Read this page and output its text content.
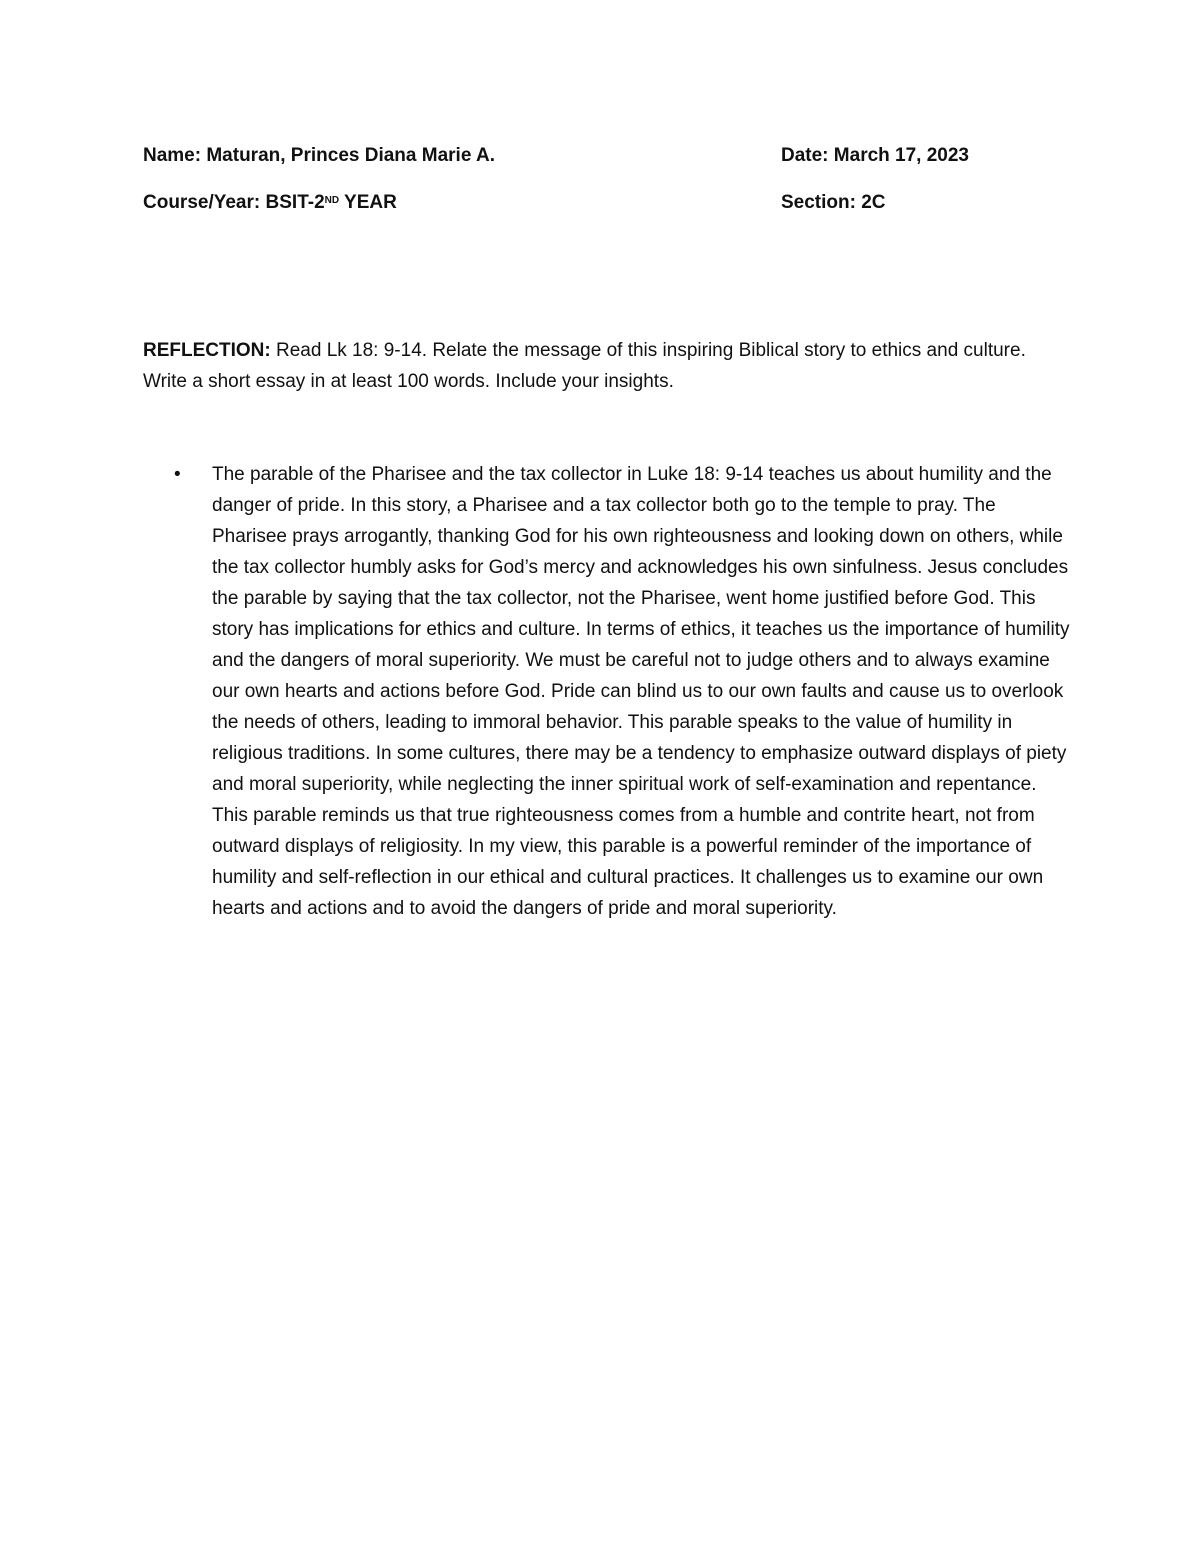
Name: Maturan, Princes Diana Marie A.	Date: March 17, 2023
Course/Year: BSIT-2ND YEAR	Section: 2C
REFLECTION: Read Lk 18: 9-14. Relate the message of this inspiring Biblical story to ethics and culture. Write a short essay in at least 100 words. Include your insights.
• The parable of the Pharisee and the tax collector in Luke 18: 9-14 teaches us about humility and the danger of pride. In this story, a Pharisee and a tax collector both go to the temple to pray. The Pharisee prays arrogantly, thanking God for his own righteousness and looking down on others, while the tax collector humbly asks for God’s mercy and acknowledges his own sinfulness. Jesus concludes the parable by saying that the tax collector, not the Pharisee, went home justified before God. This story has implications for ethics and culture. In terms of ethics, it teaches us the importance of humility and the dangers of moral superiority. We must be careful not to judge others and to always examine our own hearts and actions before God. Pride can blind us to our own faults and cause us to overlook the needs of others, leading to immoral behavior. This parable speaks to the value of humility in religious traditions. In some cultures, there may be a tendency to emphasize outward displays of piety and moral superiority, while neglecting the inner spiritual work of self-examination and repentance. This parable reminds us that true righteousness comes from a humble and contrite heart, not from outward displays of religiosity. In my view, this parable is a powerful reminder of the importance of humility and self-reflection in our ethical and cultural practices. It challenges us to examine our own hearts and actions and to avoid the dangers of pride and moral superiority.
